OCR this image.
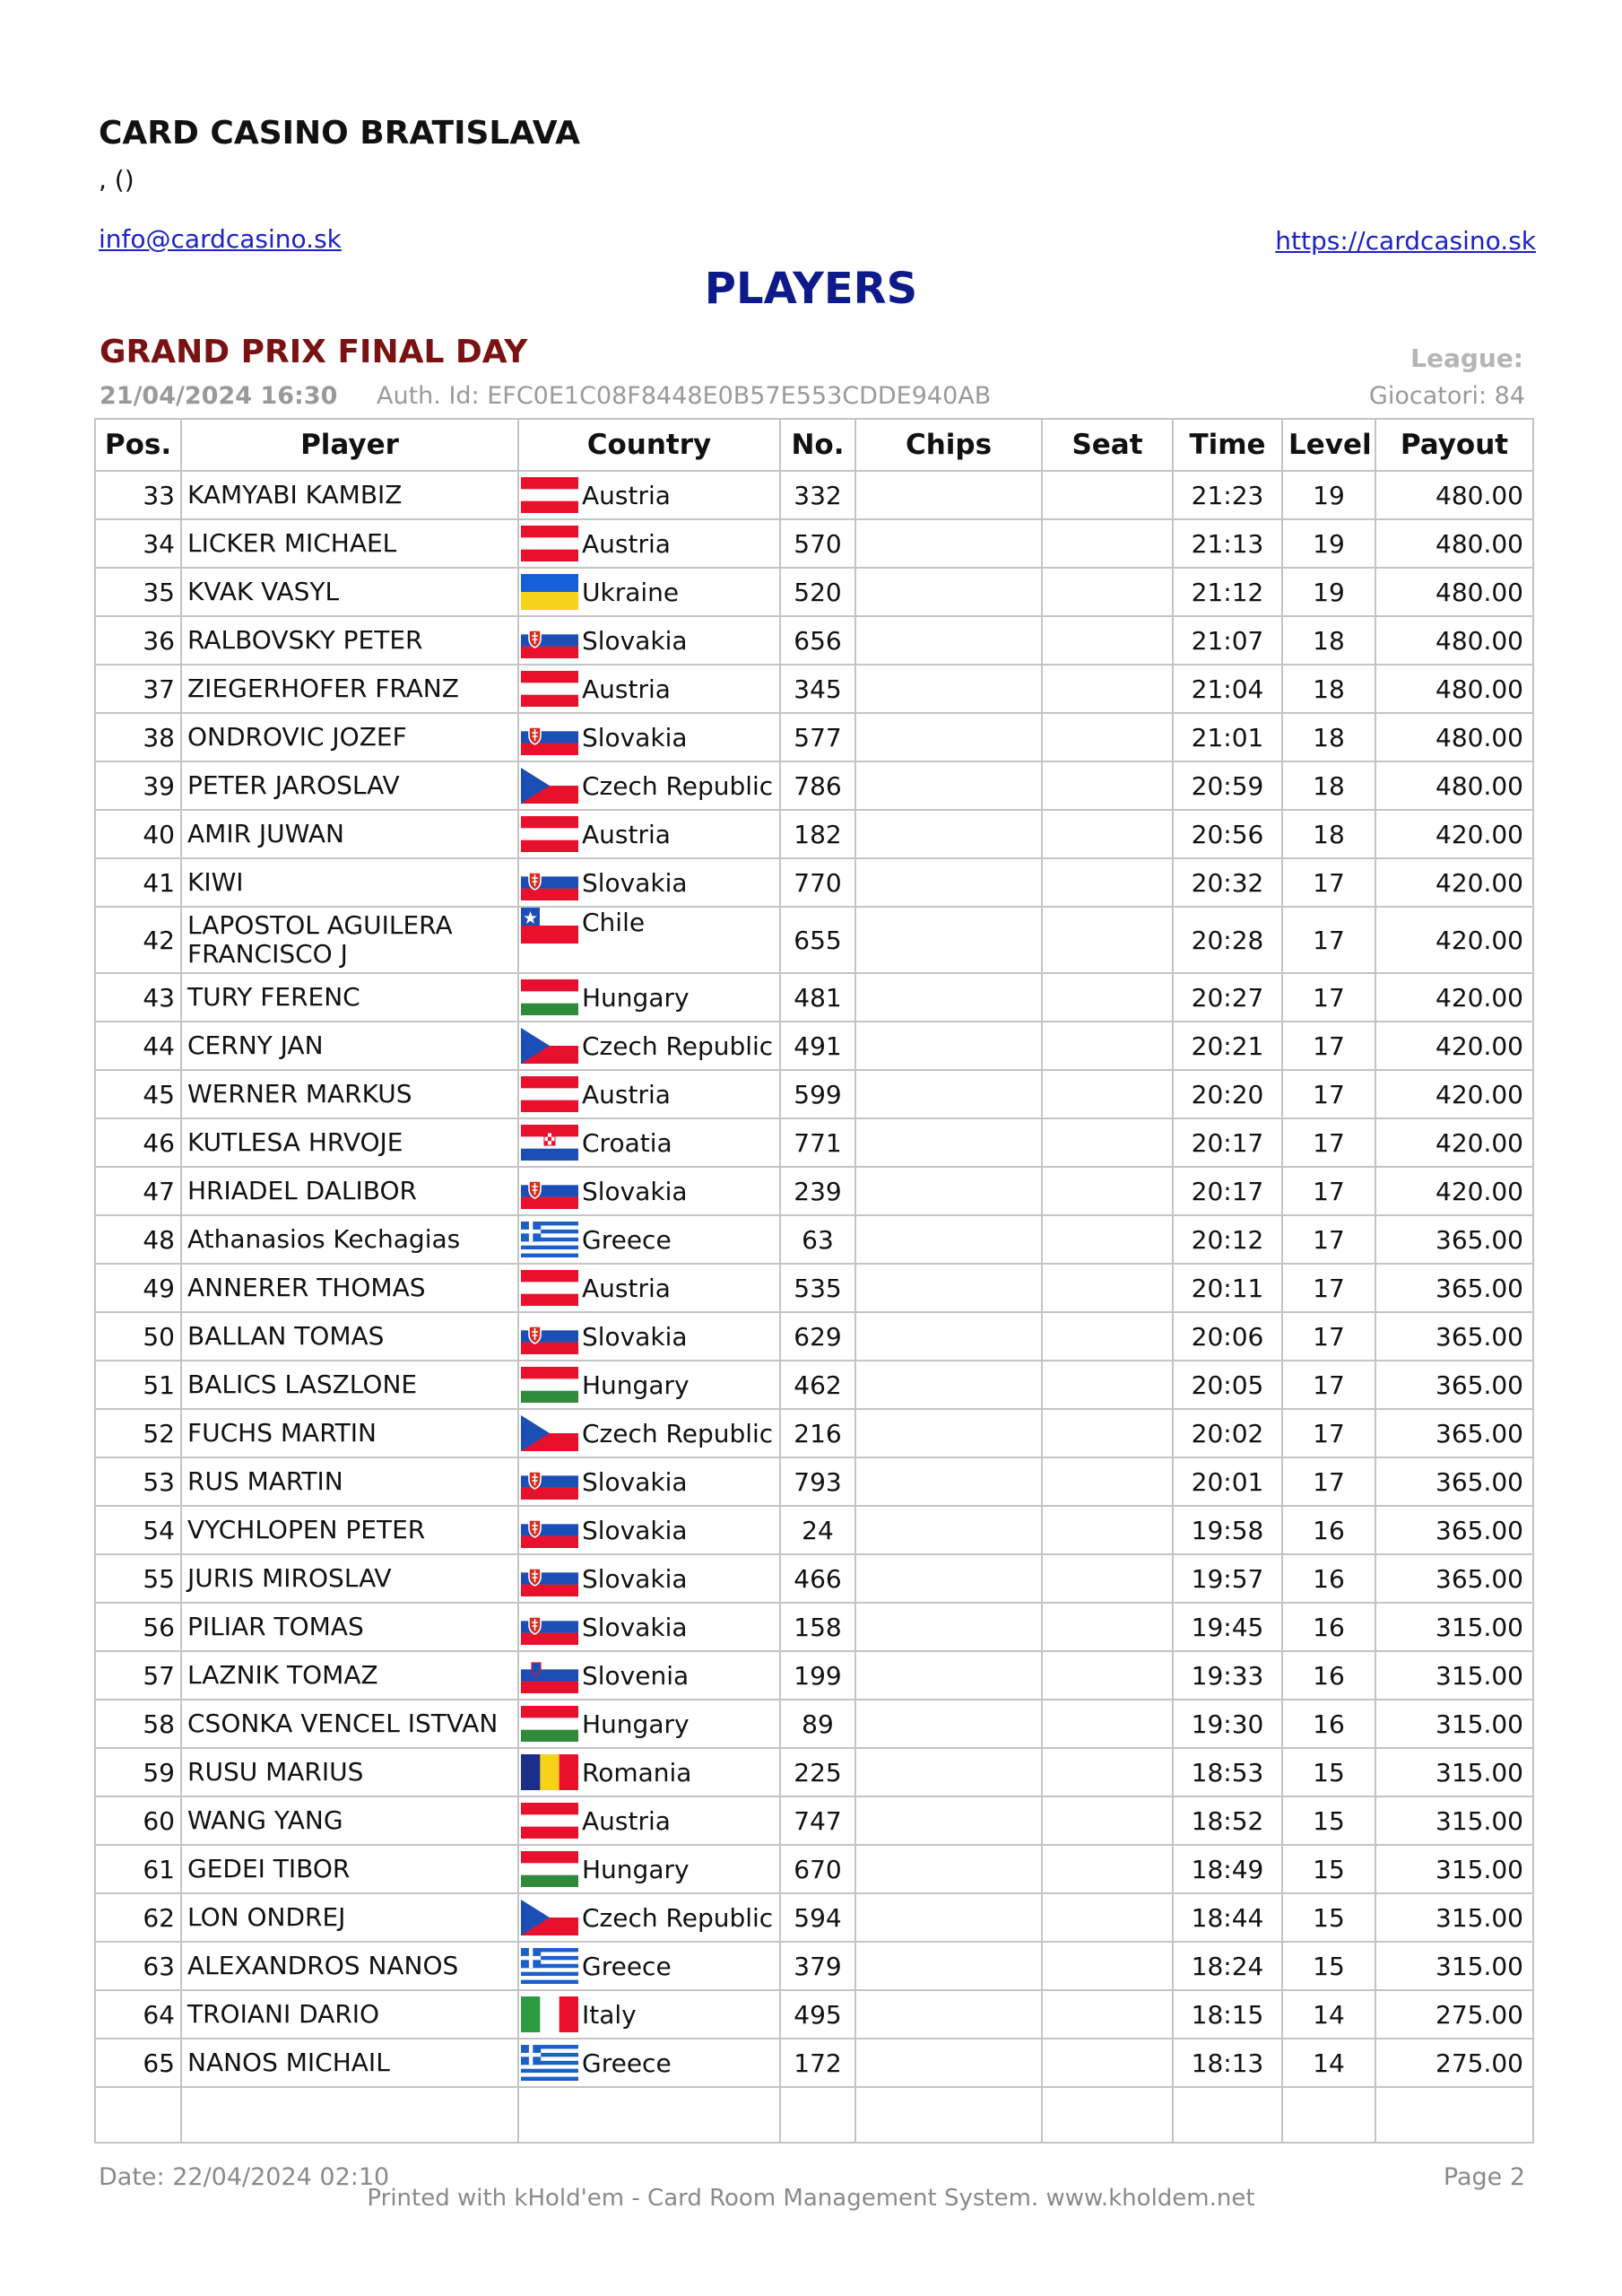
CARD CASINO BRATISLAVA
, ()
info@cardcasino.sk	https://cardcasino.sk
PLAYERS
GRAND PRIX FINAL DAY	League:
21/04/2024 16:30 Auth. Id: EFC0E1C08F8448E0B57E553CDDE940AB	Giocatori: 84
Pos.	Player	Country	No.	Chips	Seat	Time	Level	Payout
33	KAMYABI KAMBIZ	Austria	332			21:23	19	480.00
34	LICKER MICHAEL	Austria	570			21:13	19	480.00
35	KVAK VASYL	Ukraine	520			21:12	19	480.00
36	RALBOVSKY PETER	Slovakia	656			21:07	18	480.00
37	ZIEGERHOFER FRANZ	Austria	345			21:04	18	480.00
38	ONDROVIC JOZEF	Slovakia	577			21:01	18	480.00
39	PETER JAROSLAV	Czech Republic	786			20:59	18	480.00
40	AMIR JUWAN	Austria	182			20:56	18	420.00
41	KIWI	Slovakia	770			20:32	17	420.00
42	LAPOSTOL AGUILERA FRANCISCO J	Chile	655			20:28	17	420.00
43	TURY FERENC	Hungary	481			20:27	17	420.00
44	CERNY JAN	Czech Republic	491			20:21	17	420.00
45	WERNER MARKUS	Austria	599			20:20	17	420.00
46	KUTLESA HRVOJE	Croatia	771			20:17	17	420.00
47	HRIADEL DALIBOR	Slovakia	239			20:17	17	420.00
48	Athanasios Kechagias	Greece	63			20:12	17	365.00
49	ANNERER THOMAS	Austria	535			20:11	17	365.00
50	BALLAN TOMAS	Slovakia	629			20:06	17	365.00
51	BALICS LASZLONE	Hungary	462			20:05	17	365.00
52	FUCHS MARTIN	Czech Republic	216			20:02	17	365.00
53	RUS MARTIN	Slovakia	793			20:01	17	365.00
54	VYCHLOPEN PETER	Slovakia	24			19:58	16	365.00
55	JURIS MIROSLAV	Slovakia	466			19:57	16	365.00
56	PILIAR TOMAS	Slovakia	158			19:45	16	315.00
57	LAZNIK TOMAZ	Slovenia	199			19:33	16	315.00
58	CSONKA VENCEL ISTVAN	Hungary	89			19:30	16	315.00
59	RUSU MARIUS	Romania	225			18:53	15	315.00
60	WANG YANG	Austria	747			18:52	15	315.00
61	GEDEI TIBOR	Hungary	670			18:49	15	315.00
62	LON ONDREJ	Czech Republic	594			18:44	15	315.00
63	ALEXANDROS NANOS	Greece	379			18:24	15	315.00
64	TROIANI DARIO	Italy	495			18:15	14	275.00
65	NANOS MICHAIL	Greece	172			18:13	14	275.00

Date: 22/04/2024 02:10
Printed with kHold'em - Card Room Management System. www.kholdem.net
Page 2
